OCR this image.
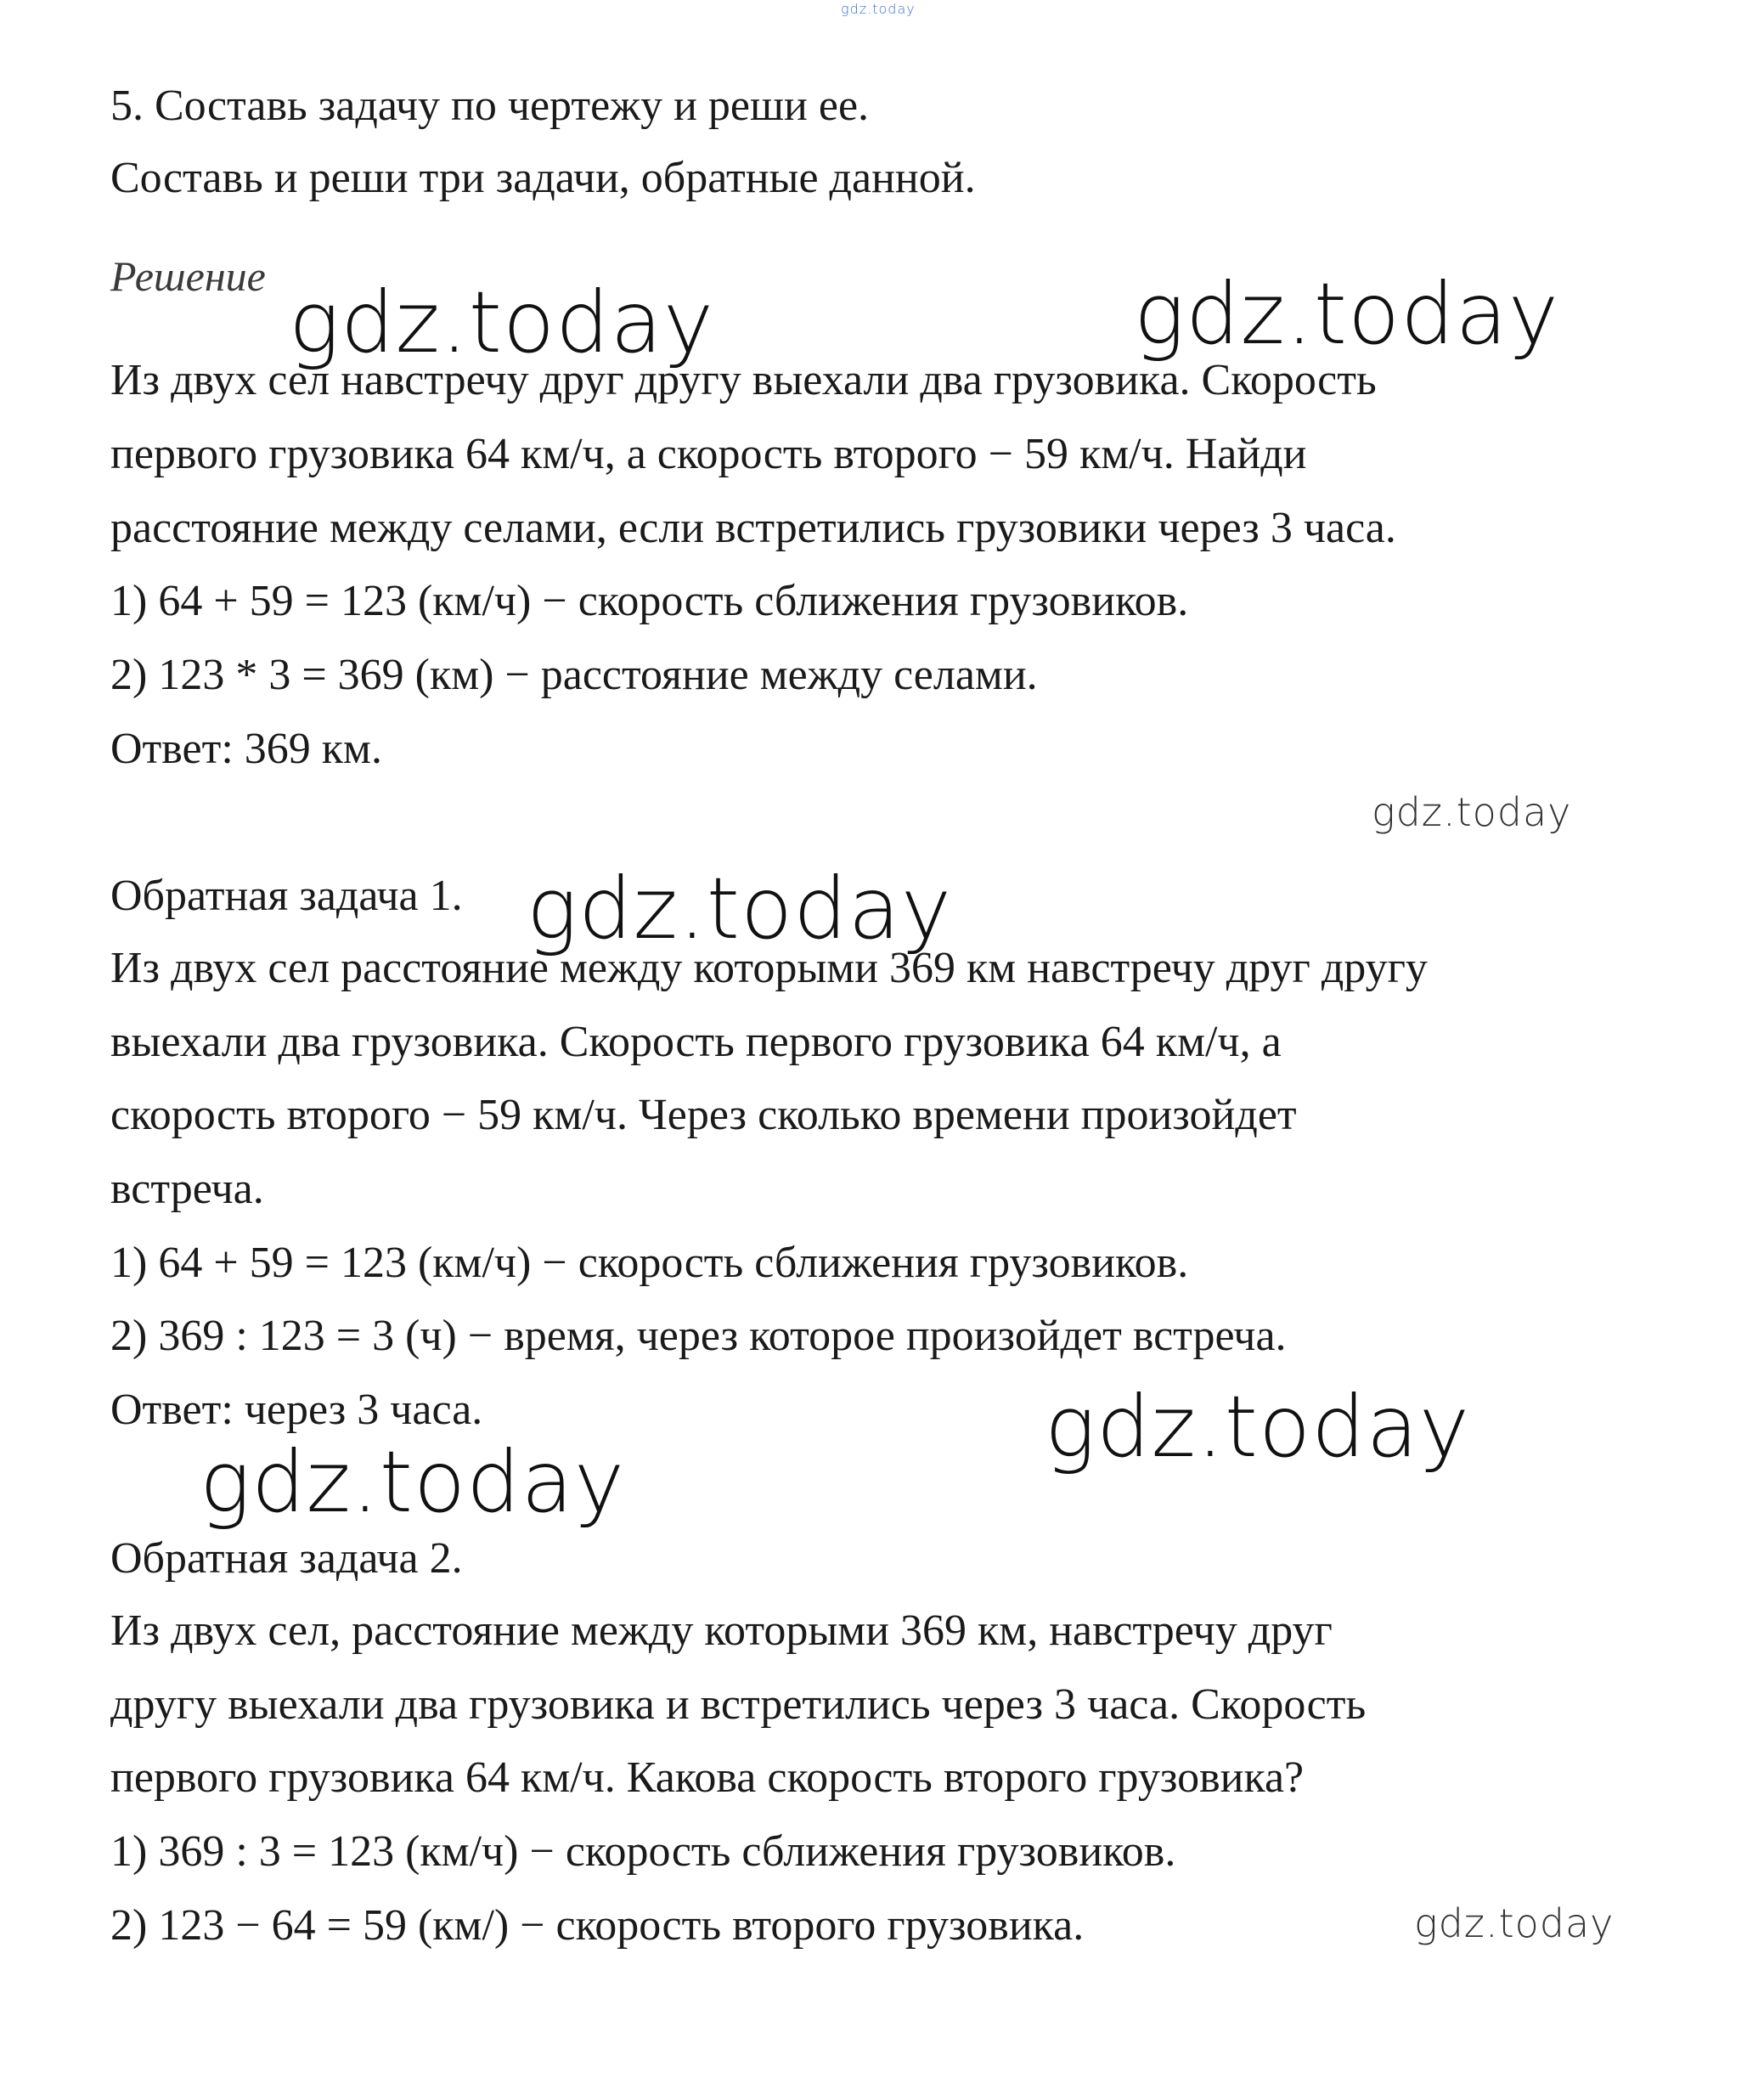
gdz.today
5. Составь задачу по чертежу и реши ее.
Составь и реши три задачи, обратные данной.
Решение gdz.today	gdz.today
Из двух сел навстречу друг другу выехали два грузовика. Скорость
первого грузовика 64 км/ч, а скорость второго − 59 км/ч. Найди
расстояние между селами, если встретились грузовики через 3 часа.
1) 64 + 59 = 123 (км/ч) − скорость сближения грузовиков.
2) 123 * 3 = 369 (км) − расстояние между селами.
Ответ: 369 км.
gdz.today
Обратная задача 1. gdz.today
Из двух сел расстояние между которыми 369 км навстречу друг другу
выехали два грузовика. Скорость первого грузовика 64 км/ч, а
скорость второго − 59 км/ч. Через сколько времени произойдет
встреча.
1) 64 + 59 = 123 (км/ч) − скорость сближения грузовиков.
2) 369 : 123 = 3 (ч) − время, через которое произойдет встреча.
Ответ: через 3 часа.	gdz.today
gdz.today
Обратная задача 2.
Из двух сел, расстояние между которыми 369 км, навстречу друг
другу выехали два грузовика и встретились через 3 часа. Скорость
первого грузовика 64 км/ч. Какова скорость второго грузовика?
1) 369 : 3 = 123 (км/ч) − скорость сближения грузовиков.
2) 123 − 64 = 59 (км/) − скорость второго грузовика.	gdz.today
